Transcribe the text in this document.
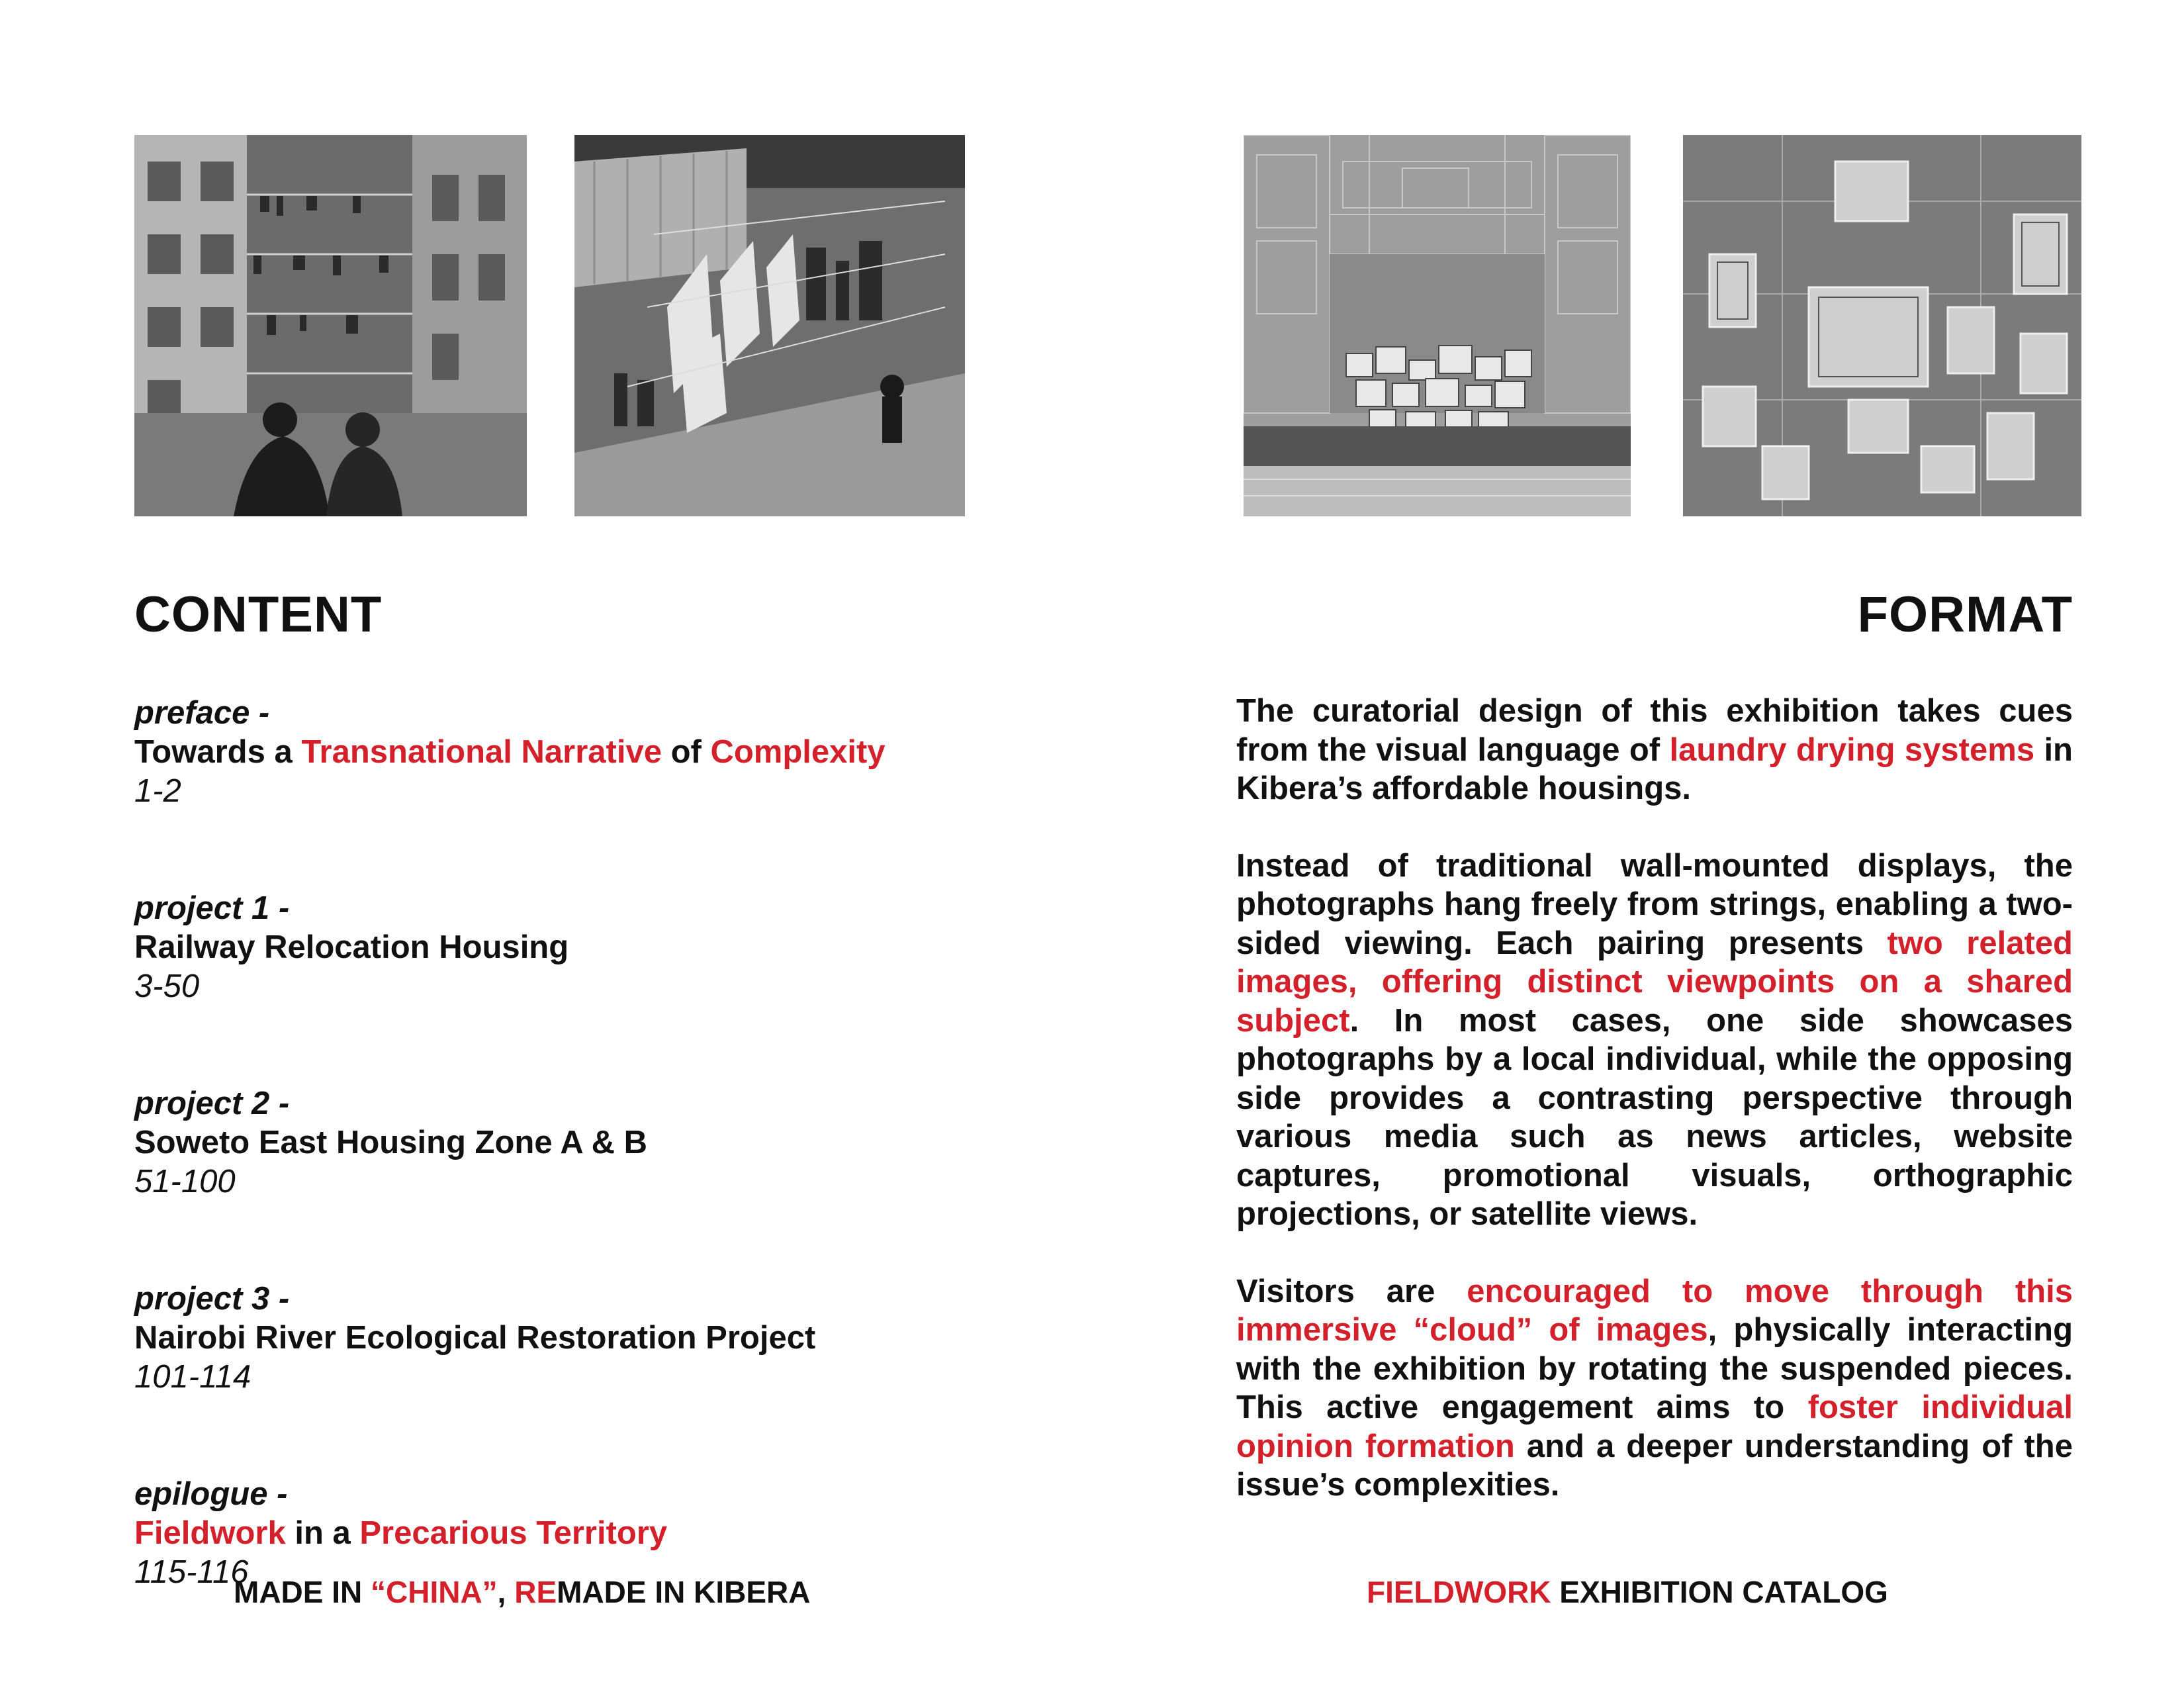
CONTENT	FORMAT
preface -
Towards a Transnational Narrative of Complexity
1-2
project 1 -
Railway Relocation Housing
3-50
project 2 -
Soweto East Housing Zone A & B
51-100
project 3 -
Nairobi River Ecological Restoration Project
101-114
epilogue -
Fieldwork in a Precarious Territory
115-116

The curatorial design of this exhibition takes cues from the visual language of laundry drying systems in Kibera’s affordable housings.

Instead of traditional wall-mounted displays, the photographs hang freely from strings, enabling a two-sided viewing. Each pairing presents two related images, offering distinct viewpoints on a shared subject. In most cases, one side showcases photographs by a local individual, while the opposing side provides a contrasting perspective through various media such as news articles, website captures, promotional visuals, orthographic projections, or satellite views.

Visitors are encouraged to move through this immersive “cloud” of images, physically interacting with the exhibition by rotating the suspended pieces. This active engagement aims to foster individual opinion formation and a deeper understanding of the issue’s complexities.

MADE IN “CHINA”, REMADE IN KIBERA	FIELDWORK EXHIBITION CATALOG
